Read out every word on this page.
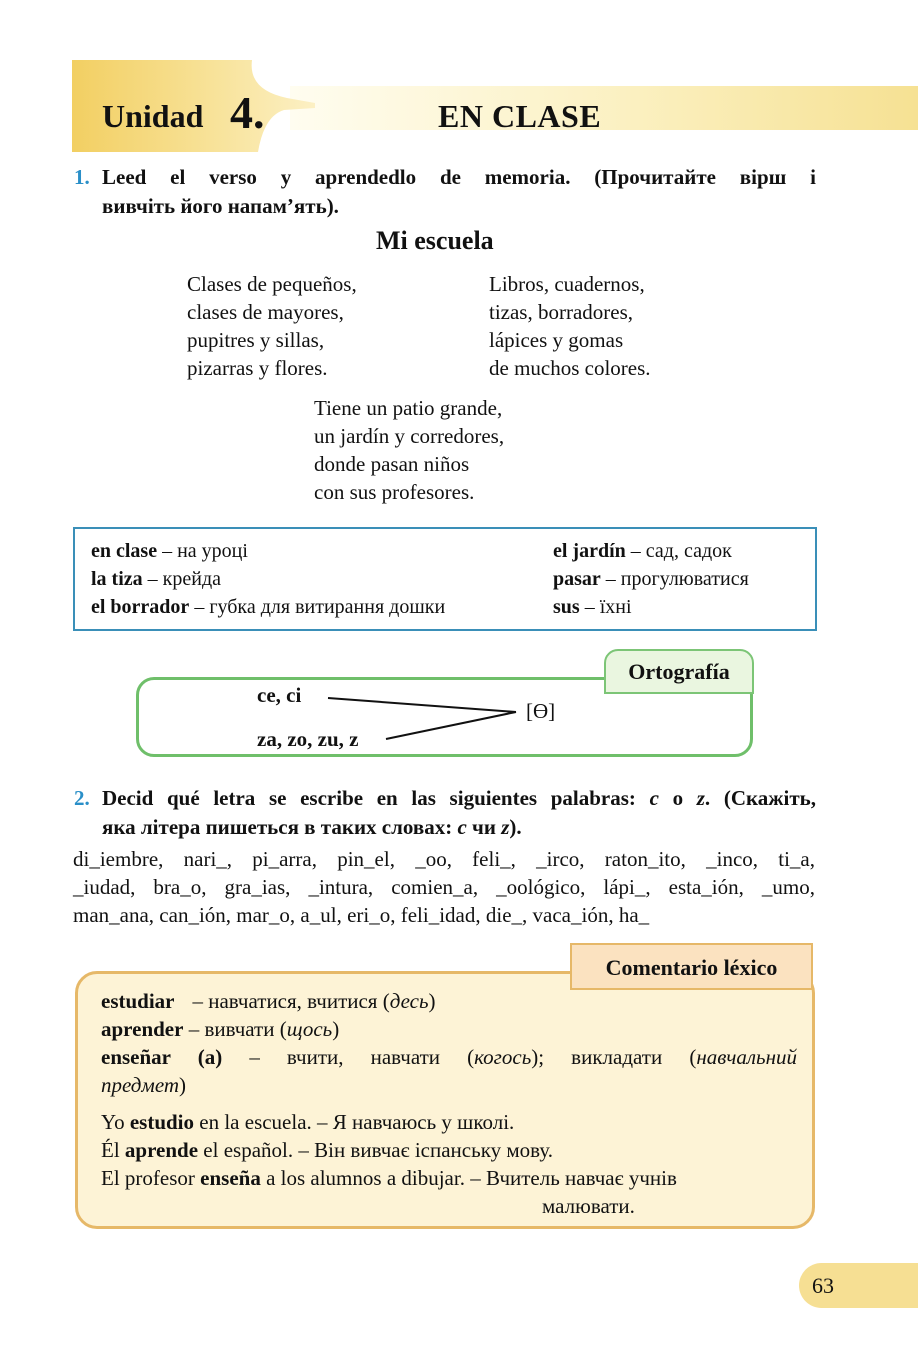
Unidad 4.	EN CLASE
1. Leed el verso y aprendedlo de memoria. (Прочитайте вірш і
вивчіть його напам’ять).
Mi escuela
Clases de pequeños,
clases de mayores,
pupitres y sillas,
pizarras y flores.
Libros, cuadernos,
tizas, borradores,
lápices y gomas
de muchos colores.
Tiene un patio grande,
un jardín y corredores,
donde pasan niños
con sus profesores.
en clase – на уроці
la tiza – крейда
el borrador – губка для витирання дошки
el jardín – сад, садок
pasar – прогулюватися
sus – їхні
Ortografía
ce, ci
za, zo, zu, z
[Ɵ]
2. Decid qué letra se escribe en las siguientes palabras: c o z. (Скажіть,
яка літера пишеться в таких словах: c чи z).
di_iembre, nari_, pi_arra, pin_el, _oo, feli_, _irco, raton_ito, _inco, ti_a,
_iudad, bra_o, gra_ias, _intura, comien_a, _oológico, lápi_, esta_ión, _umo,
man_ana, can_ión, mar_o, a_ul, eri_o, feli_idad, die_, vaca_ión, ha_
Comentario léxico
estudiar – навчатися, вчитися (десь)
aprender – вивчати (щось)
enseñar (a) – вчити, навчати (когось); викладати (навчальний
предмет)
Yo estudio en la escuela. – Я навчаюсь у школі.
Él aprende el español. – Він вивчає іспанську мову.
El profesor enseña a los alumnos a dibujar. – Вчитель навчає учнів
малювати.
63
